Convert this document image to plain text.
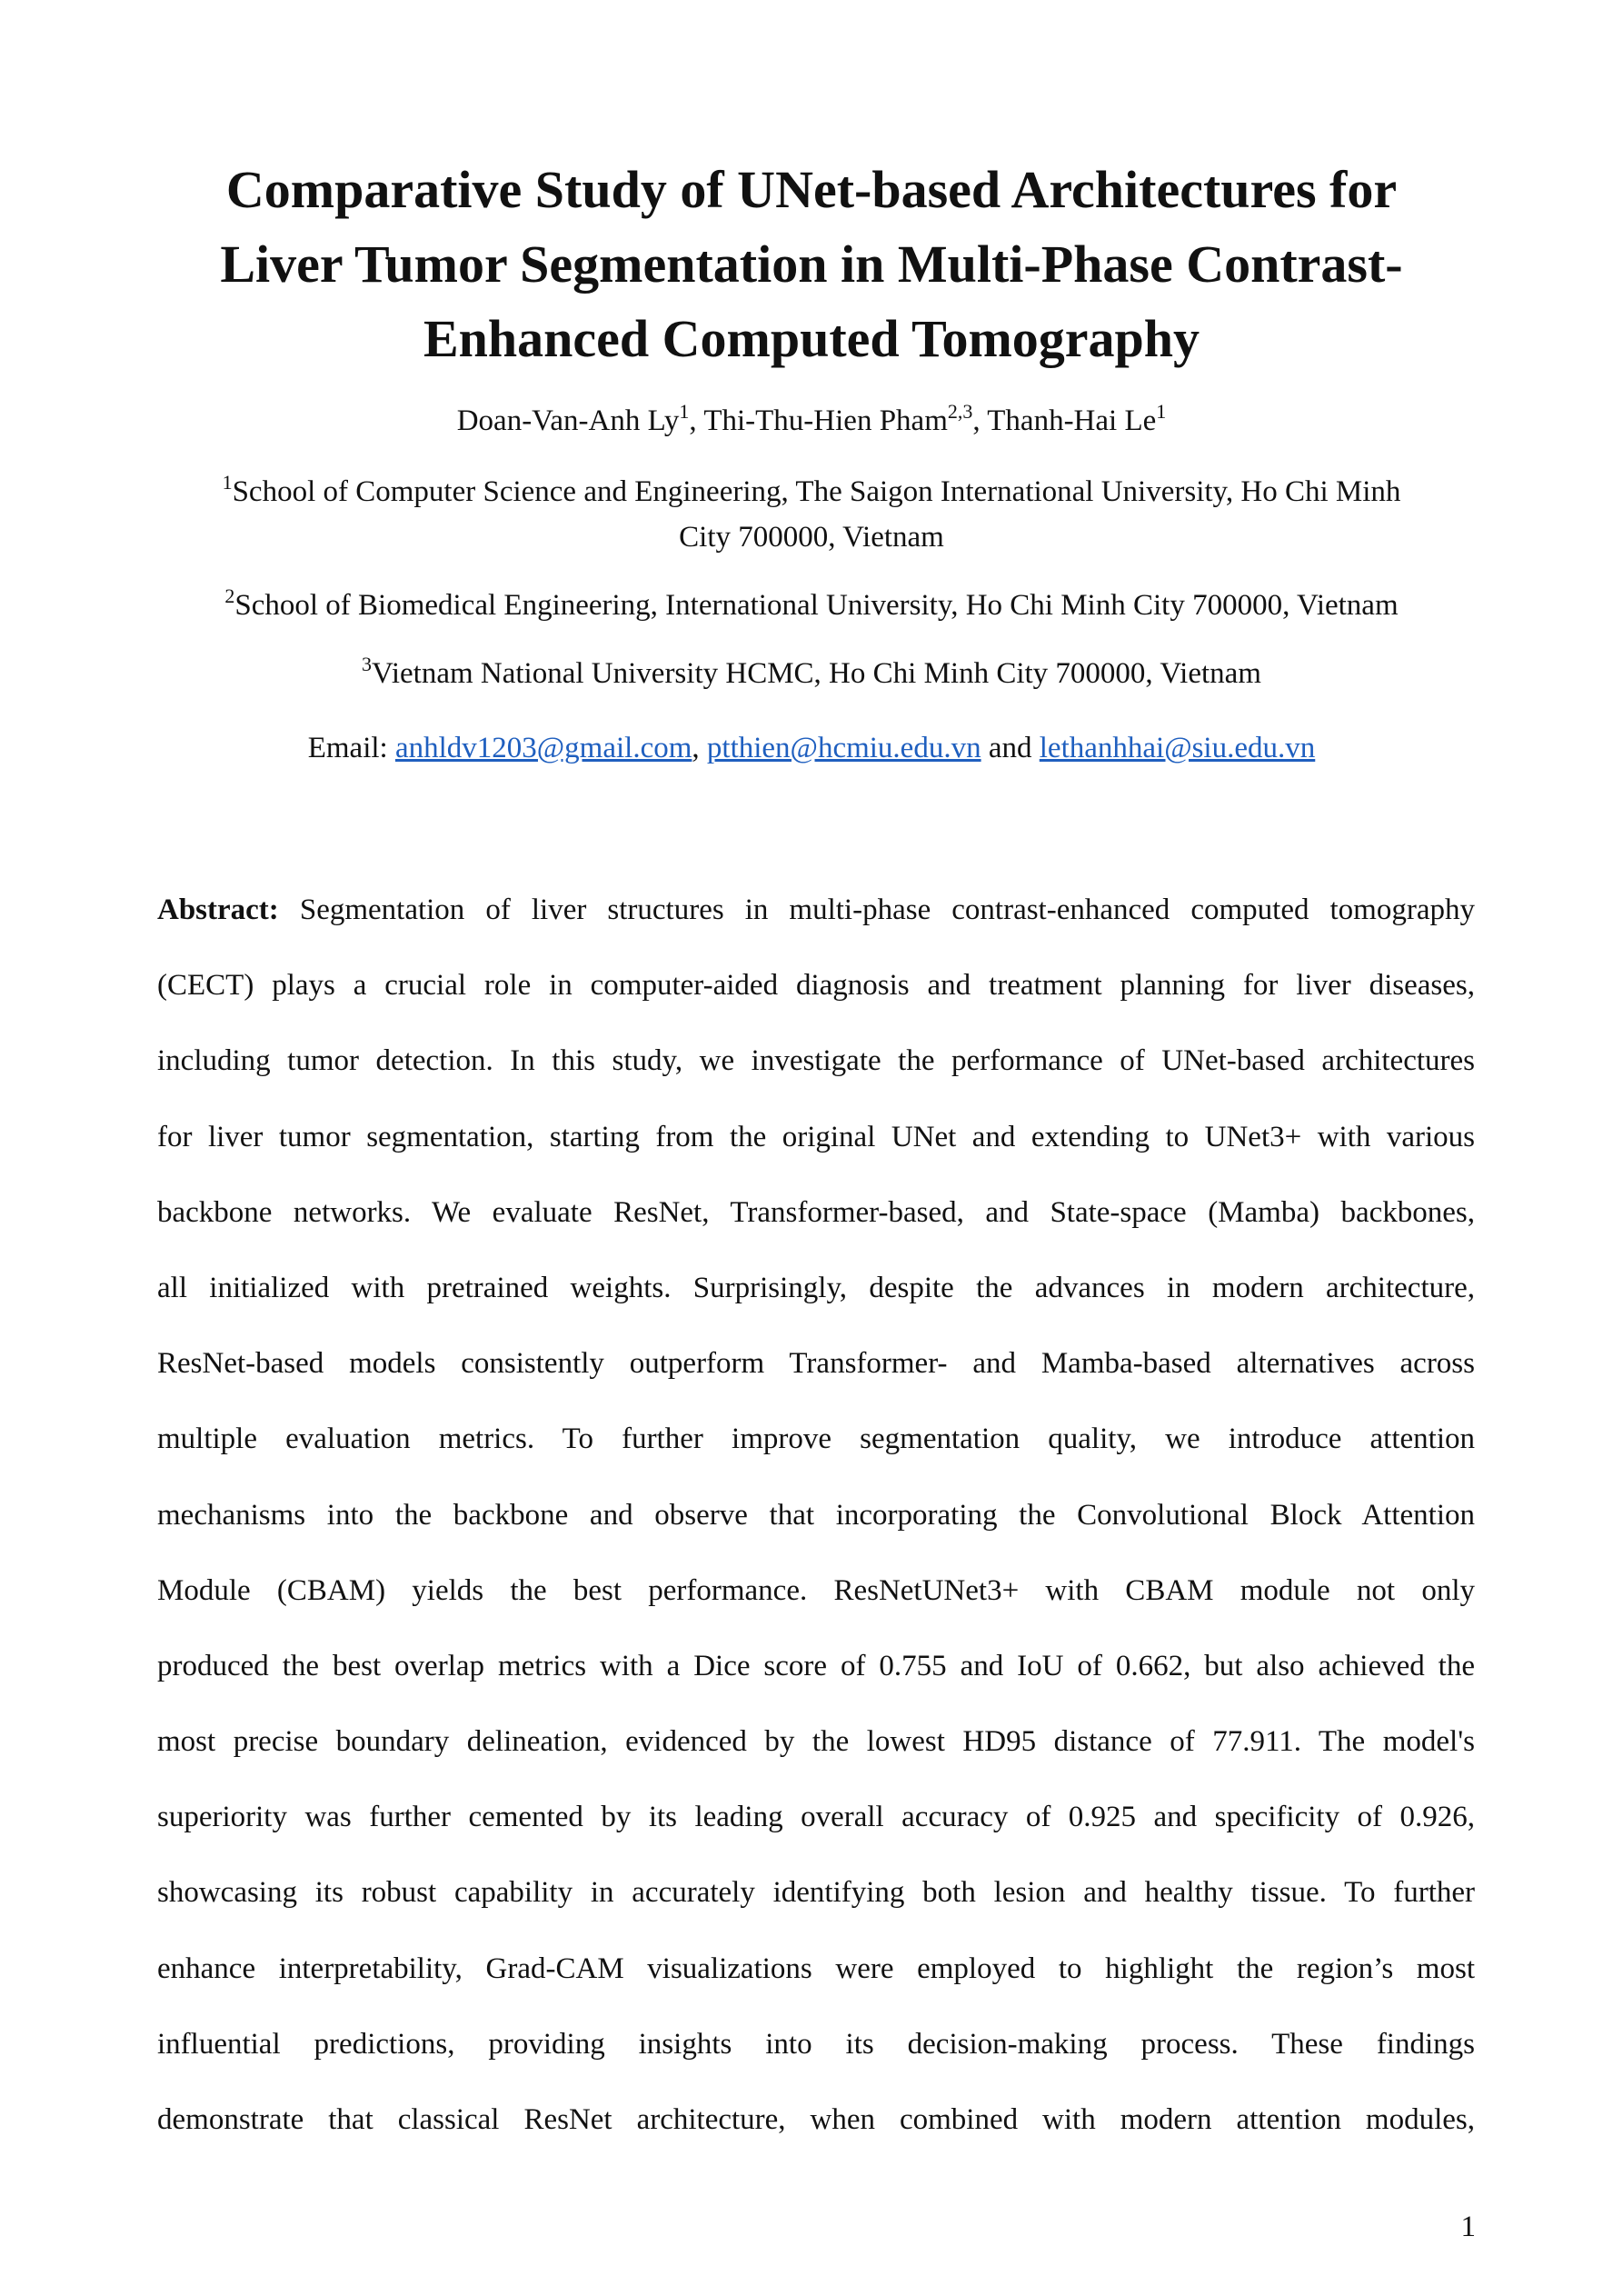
Comparative Study of UNet-based Architectures for
Liver Tumor Segmentation in Multi-Phase Contrast-
Enhanced Computed Tomography
Doan-Van-Anh Ly$^1$, Thi-Thu-Hien Pham$^{2,3}$, Thanh-Hai Le$^1$
$^1$School of Computer Science and Engineering, The Saigon International University, Ho Chi Minh
City 700000, Vietnam
$^2$School of Biomedical Engineering, International University, Ho Chi Minh City 700000, Vietnam
$^3$Vietnam National University HCMC, Ho Chi Minh City 700000, Vietnam
Email: anhldv1203@gmail.com, ptthien@hcmiu.edu.vn and lethanhhai@siu.edu.vn
Abstract: Segmentation of liver structures in multi-phase contrast-enhanced computed tomography
(CECT) plays a crucial role in computer-aided diagnosis and treatment planning for liver diseases,
including tumor detection. In this study, we investigate the performance of UNet-based architectures
for liver tumor segmentation, starting from the original UNet and extending to UNet3+ with various
backbone networks. We evaluate ResNet, Transformer-based, and State-space (Mamba) backbones,
all initialized with pretrained weights. Surprisingly, despite the advances in modern architecture,
ResNet-based models consistently outperform Transformer- and Mamba-based alternatives across
multiple evaluation metrics. To further improve segmentation quality, we introduce attention
mechanisms into the backbone and observe that incorporating the Convolutional Block Attention
Module (CBAM) yields the best performance. ResNetUNet3+ with CBAM module not only
produced the best overlap metrics with a Dice score of 0.755 and IoU of 0.662, but also achieved the
most precise boundary delineation, evidenced by the lowest HD95 distance of 77.911. The model's
superiority was further cemented by its leading overall accuracy of 0.925 and specificity of 0.926,
showcasing its robust capability in accurately identifying both lesion and healthy tissue. To further
enhance interpretability, Grad-CAM visualizations were employed to highlight the region’s most
influential predictions, providing insights into its decision-making process. These findings
demonstrate that classical ResNet architecture, when combined with modern attention modules,
1
